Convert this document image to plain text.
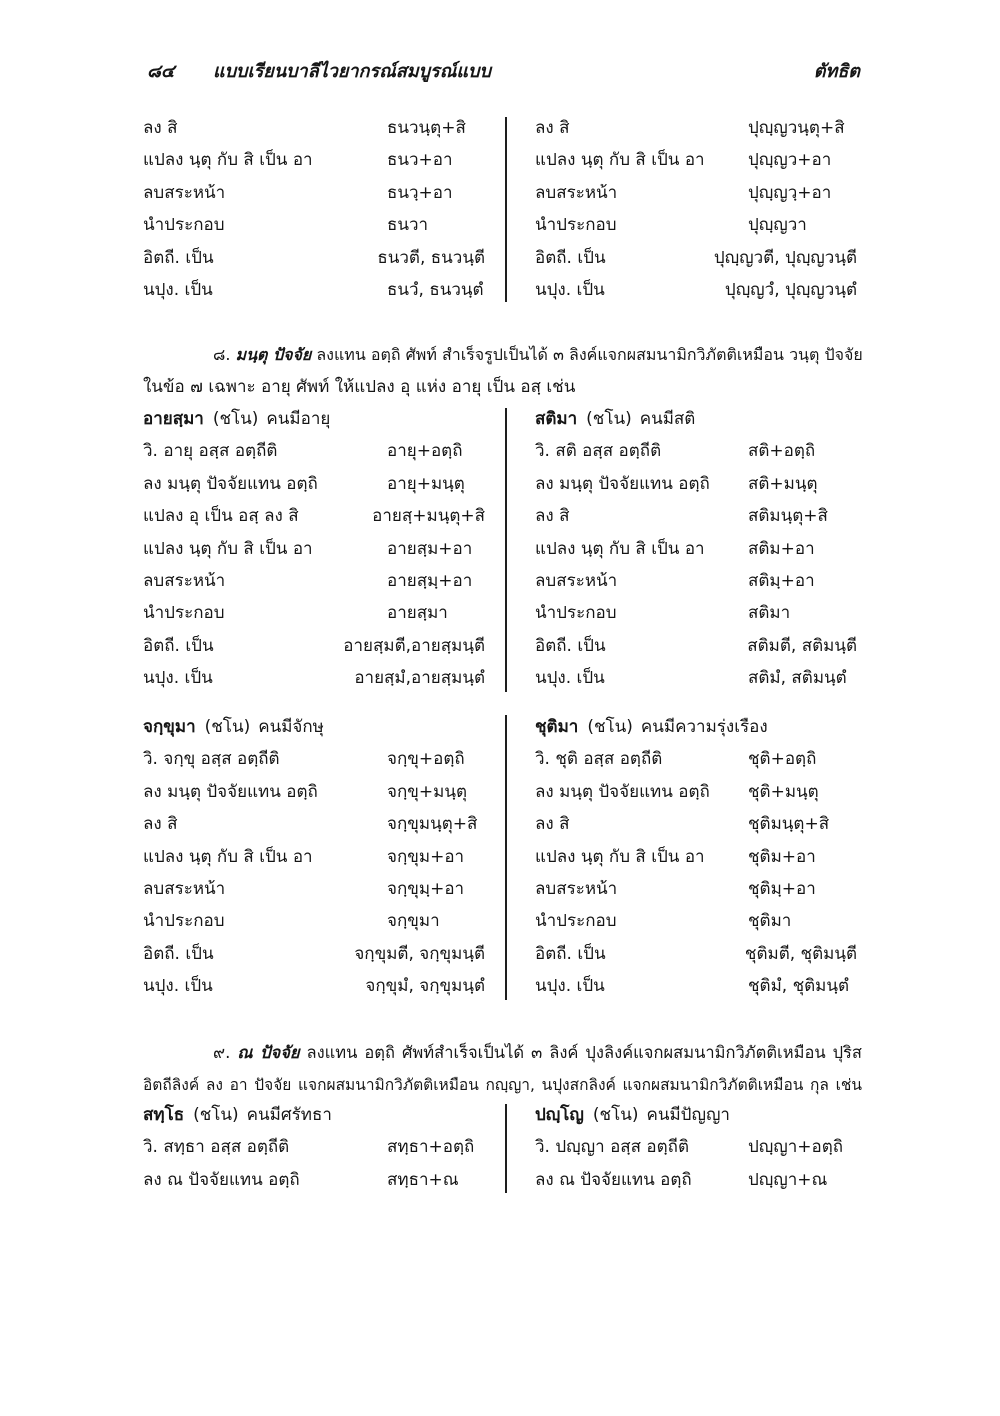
๘๔ แบบเรียนบาลีไวยากรณ์สมบูรณ์แบบ	ตัทธิต
ลง สิ	ธนวนฺตุ+สิ
แปลง นฺตุ กับ สิ เป็น อา	ธนว+อา
ลบสระหน้า	ธนวฺ+อา
นำประกอบ	ธนวา
อิตถี. เป็น	ธนวตี, ธนวนฺตี
นปุง. เป็น	ธนวํ, ธนวนฺตํ
ลง สิ	ปุญฺญวนฺตุ+สิ
แปลง นฺตุ กับ สิ เป็น อา	ปุญฺญว+อา
ลบสระหน้า	ปุญฺญวฺ+อา
นำประกอบ	ปุญฺญวา
อิตถี. เป็น	ปุญฺญวตี, ปุญฺญวนฺตี
นปุง. เป็น	ปุญฺญวํ, ปุญฺญวนฺตํ
๘. มนฺตุ ปัจจัย ลงแทน อตฺถิ ศัพท์ สำเร็จรูปเป็นได้ ๓ ลิงค์แจกผสมนามิกวิภัตติเหมือน วนฺตุ ปัจจัย
ในข้อ ๗ เฉพาะ อายุ ศัพท์ ให้แปลง อุ แห่ง อายุ เป็น อสฺ เช่น
อายสฺมา (ชโน) คนมีอายุ
วิ. อายุ อสฺส อตฺถีติ	อายุ+อตฺถิ
ลง มนฺตุ ปัจจัยแทน อตฺถิ	อายุ+มนฺตุ
แปลง อุ เป็น อสฺ ลง สิ	อายสฺ+มนฺตุ+สิ
แปลง นฺตุ กับ สิ เป็น อา	อายสฺม+อา
ลบสระหน้า	อายสฺมฺ+อา
นำประกอบ	อายสฺมา
อิตถี. เป็น	อายสฺมตี,อายสฺมนฺตี
นปุง. เป็น	อายสฺมํ,อายสฺมนฺตํ
สติมา (ชโน) คนมีสติ
วิ. สติ อสฺส อตฺถีติ	สติ+อตฺถิ
ลง มนฺตุ ปัจจัยแทน อตฺถิ สติ+มนฺตุ
ลง สิ	สติมนฺตุ+สิ
แปลง นฺตุ กับ สิ เป็น อา	สติม+อา
ลบสระหน้า	สติมฺ+อา
นำประกอบ	สติมา
อิตถี. เป็น	สติมตี, สติมนฺตี
นปุง. เป็น	สติมํ, สติมนฺตํ
จกฺขุมา (ชโน) คนมีจักษุ
วิ. จกฺขุ อสฺส อตฺถีติ	จกฺขุ+อตฺถิ
ลง มนฺตุ ปัจจัยแทน อตฺถิ	จกฺขุ+มนฺตุ
ลง สิ	จกฺขุมนฺตุ+สิ
แปลง นฺตุ กับ สิ เป็น อา	จกฺขุม+อา
ลบสระหน้า	จกฺขุมฺ+อา
นำประกอบ	จกฺขุมา
อิตถี. เป็น	จกฺขุมตี, จกฺขุมนฺตี
นปุง. เป็น	จกฺขุมํ, จกฺขุมนฺตํ
ชุติมา (ชโน) คนมีความรุ่งเรือง
วิ. ชุติ อสฺส อตฺถีติ	ชุติ+อตฺถิ
ลง มนฺตุ ปัจจัยแทน อตฺถิ ชุติ+มนฺตุ
ลง สิ	ชุติมนฺตุ+สิ
แปลง นฺตุ กับ สิ เป็น อา	ชุติม+อา
ลบสระหน้า	ชุติมฺ+อา
นำประกอบ	ชุติมา
อิตถี. เป็น	ชุติมตี, ชุติมนฺตี
นปุง. เป็น	ชุติมํ, ชุติมนฺตํ
๙. ณ ปัจจัย ลงแทน อตฺถิ ศัพท์สำเร็จเป็นได้ ๓ ลิงค์ ปุงลิงค์แจกผสมนามิกวิภัตติเหมือน ปุริส
อิตถีลิงค์ ลง อา ปัจจัย แจกผสมนามิกวิภัตติเหมือน กญฺญา, นปุงสกลิงค์ แจกผสมนามิกวิภัตติเหมือน กุล เช่น
สทฺโธ (ชโน) คนมีศรัทธา
วิ. สทฺธา อสฺส อตฺถีติ	สทฺธา+อตฺถิ
ลง ณ ปัจจัยแทน อตฺถิ	สทฺธา+ณ
ปญฺโญ (ชโน) คนมีปัญญา
วิ. ปญฺญา อสฺส อตฺถีติ	ปญฺญา+อตฺถิ
ลง ณ ปัจจัยแทน อตฺถิ	ปญฺญา+ณ
